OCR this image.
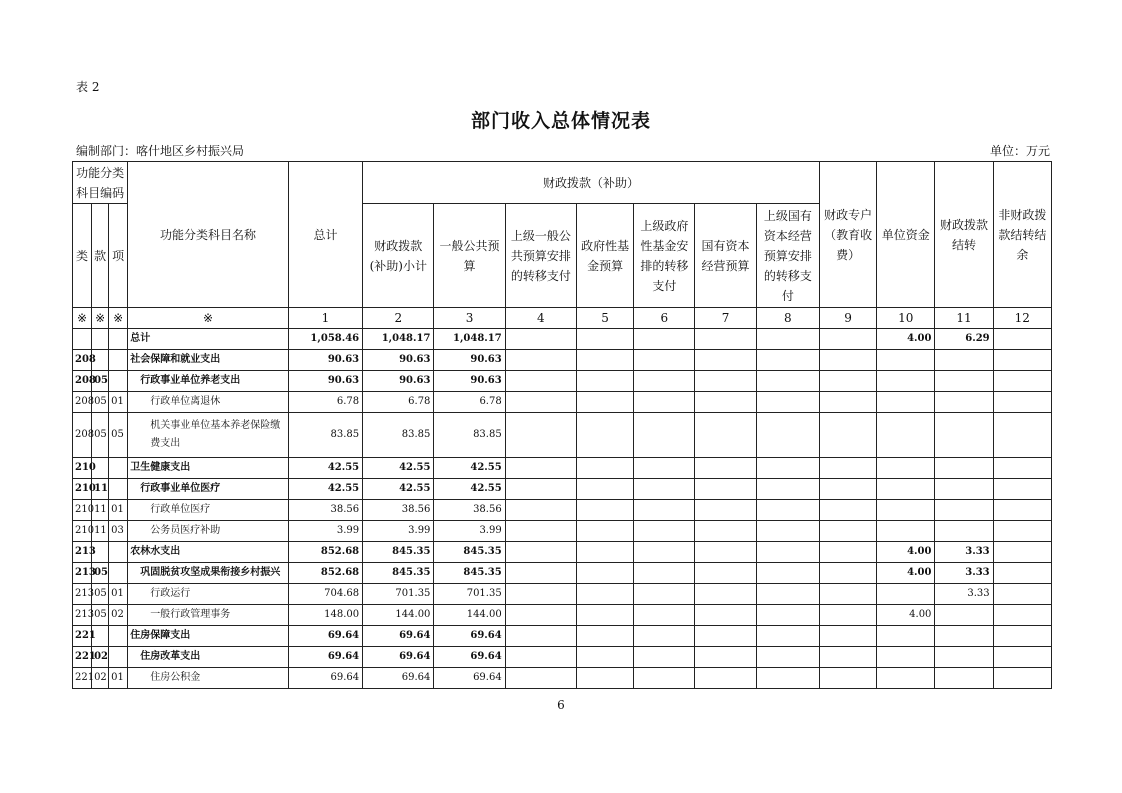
表 2
部门收入总体情况表
编制部门：喀什地区乡村振兴局	单位：万元
功能分类科目编码			功能分类科目名称	总计	财政拨款（补助）							财政专户（教育收费）	单位资金	财政拨款结转	非财政拨款结转结余
类	款	项			财政拨款(补助)小计	一般公共预算	上级一般公共预算安排的转移支付	政府性基金预算	上级政府性基金安排的转移支付	国有资本经营预算	上级国有资本经营预算安排的转移支付				
※	※	※	※	1	2	3	4	5	6	7	8	9	10	11	12
			总计	1,058.46	1,048.17	1,048.17							4.00	6.29	
208			社会保障和就业支出	90.63	90.63	90.63									
208	05		行政事业单位养老支出	90.63	90.63	90.63									
208	05	01	行政单位离退休	6.78	6.78	6.78									
208	05	05	机关事业单位基本养老保险缴费支出	83.85	83.85	83.85									
210			卫生健康支出	42.55	42.55	42.55									
210	11		行政事业单位医疗	42.55	42.55	42.55									
210	11	01	行政单位医疗	38.56	38.56	38.56									
210	11	03	公务员医疗补助	3.99	3.99	3.99									
213			农林水支出	852.68	845.35	845.35							4.00	3.33	
213	05		巩固脱贫攻坚成果衔接乡村振兴	852.68	845.35	845.35							4.00	3.33	
213	05	01	行政运行	704.68	701.35	701.35								3.33	
213	05	02	一般行政管理事务	148.00	144.00	144.00							4.00		
221			住房保障支出	69.64	69.64	69.64									
221	02		住房改革支出	69.64	69.64	69.64									
221	02	01	住房公积金	69.64	69.64	69.64									
6
